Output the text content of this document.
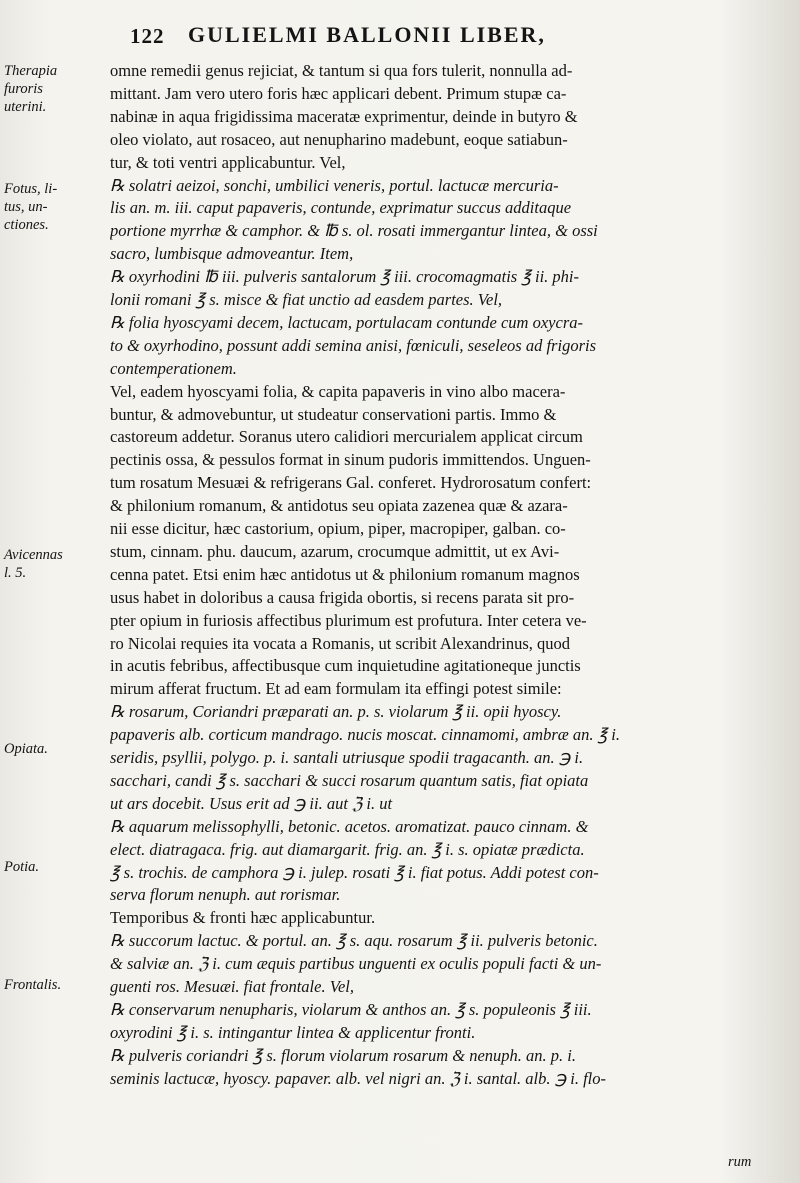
122 GULIELMI BALLONII LIBER,
Therapia
furoris
uterini.
Fotus, li-
tus, un-
ctiones.
Avicennas
l. 5.
Opiata.
Potia.
Frontalis.
omne remedii genus rejiciat, & tantum si qua fors tulerit, nonnulla ad-
mittant. Jam vero utero foris hæc applicari debent. Primum stupæ ca-
nabinæ in aqua frigidissima maceratæ exprimentur, deinde in butyro &
oleo violato, aut rosaceo, aut nenupharino madebunt, eoque satiabun-
tur, & toti ventri applicabuntur. Vel,
℞ solatri aeizoi, sonchi, umbilici veneris, portul. lactucæ mercuria-
lis an. m. iii. caput papaveris, contunde, exprimatur succus additaque
portione myrrhæ & camphor. & ℔ s. ol. rosati immergantur lintea, & ossi
sacro, lumbisque admoveantur. Item,
℞ oxyrhodini ℔ iii. pulveris santalorum ℥ iii. crocomagmatis ℥ ii. phi-
lonii romani ℥ s. misce & fiat unctio ad easdem partes. Vel,
℞ folia hyoscyami decem, lactucam, portulacam contunde cum oxycra-
to & oxyrhodino, possunt addi semina anisi, fœniculi, seseleos ad frigoris
contemperationem.
Vel, eadem hyoscyami folia, & capita papaveris in vino albo macera-
buntur, & admovebuntur, ut studeatur conservationi partis. Immo &
castoreum addetur. Soranus utero calidiori mercurialem applicat circum
pectinis ossa, & pessulos format in sinum pudoris immittendos. Unguen-
tum rosatum Mesuæi & refrigerans Gal. conferet. Hydrorosatum confert:
& philonium romanum, & antidotus seu opiata zazenea quæ & azara-
nii esse dicitur, hæc castorium, opium, piper, macropiper, galban. co-
stum, cinnam. phu. daucum, azarum, crocumque admittit, ut ex Avi-
cenna patet. Etsi enim hæc antidotus ut & philonium romanum magnos
usus habet in doloribus a causa frigida obortis, si recens parata sit pro-
pter opium in furiosis affectibus plurimum est profutura. Inter cetera ve-
ro Nicolai requies ita vocata a Romanis, ut scribit Alexandrinus, quod
in acutis febribus, affectibusque cum inquietudine agitationeque junctis
mirum afferat fructum. Et ad eam formulam ita effingi potest simile:
℞ rosarum, Coriandri præparati an. p. s. violarum ℥ ii. opii hyoscy.
papaveris alb. corticum mandrago. nucis moscat. cinnamomi, ambræ an. ℥ i.
seridis, psyllii, polygo. p. i. santali utriusque spodii tragacanth. an. ℈ i.
sacchari, candi ℥ s. sacchari & succi rosarum quantum satis, fiat opiata
ut ars docebit. Usus erit ad ℈ ii. aut ℨ i. ut
℞ aquarum melissophylli, betonic. acetos. aromatizat. pauco cinnam. &
elect. diatragaca. frig. aut diamargarit. frig. an. ℥ i. s. opiatæ prædicta.
℥ s. trochis. de camphora ℈ i. julep. rosati ℥ i. fiat potus. Addi potest con-
serva florum nenuph. aut rorismar.
Temporibus & fronti hæc applicabuntur.
℞ succorum lactuc. & portul. an. ℥ s. aqu. rosarum ℥ ii. pulveris betonic.
& salviæ an. ℨ i. cum æquis partibus unguenti ex oculis populi facti & un-
guenti ros. Mesuæi. fiat frontale. Vel,
℞ conservarum nenupharis, violarum & anthos an. ℥ s. populeonis ℥ iii.
oxyrodini ℥ i. s. intingantur lintea & applicentur fronti.
℞ pulveris coriandri ℥ s. florum violarum rosarum & nenuph. an. p. i.
seminis lactucæ, hyoscy. papaver. alb. vel nigri an. ℨ i. santal. alb. ℈ i. flo-
rum
